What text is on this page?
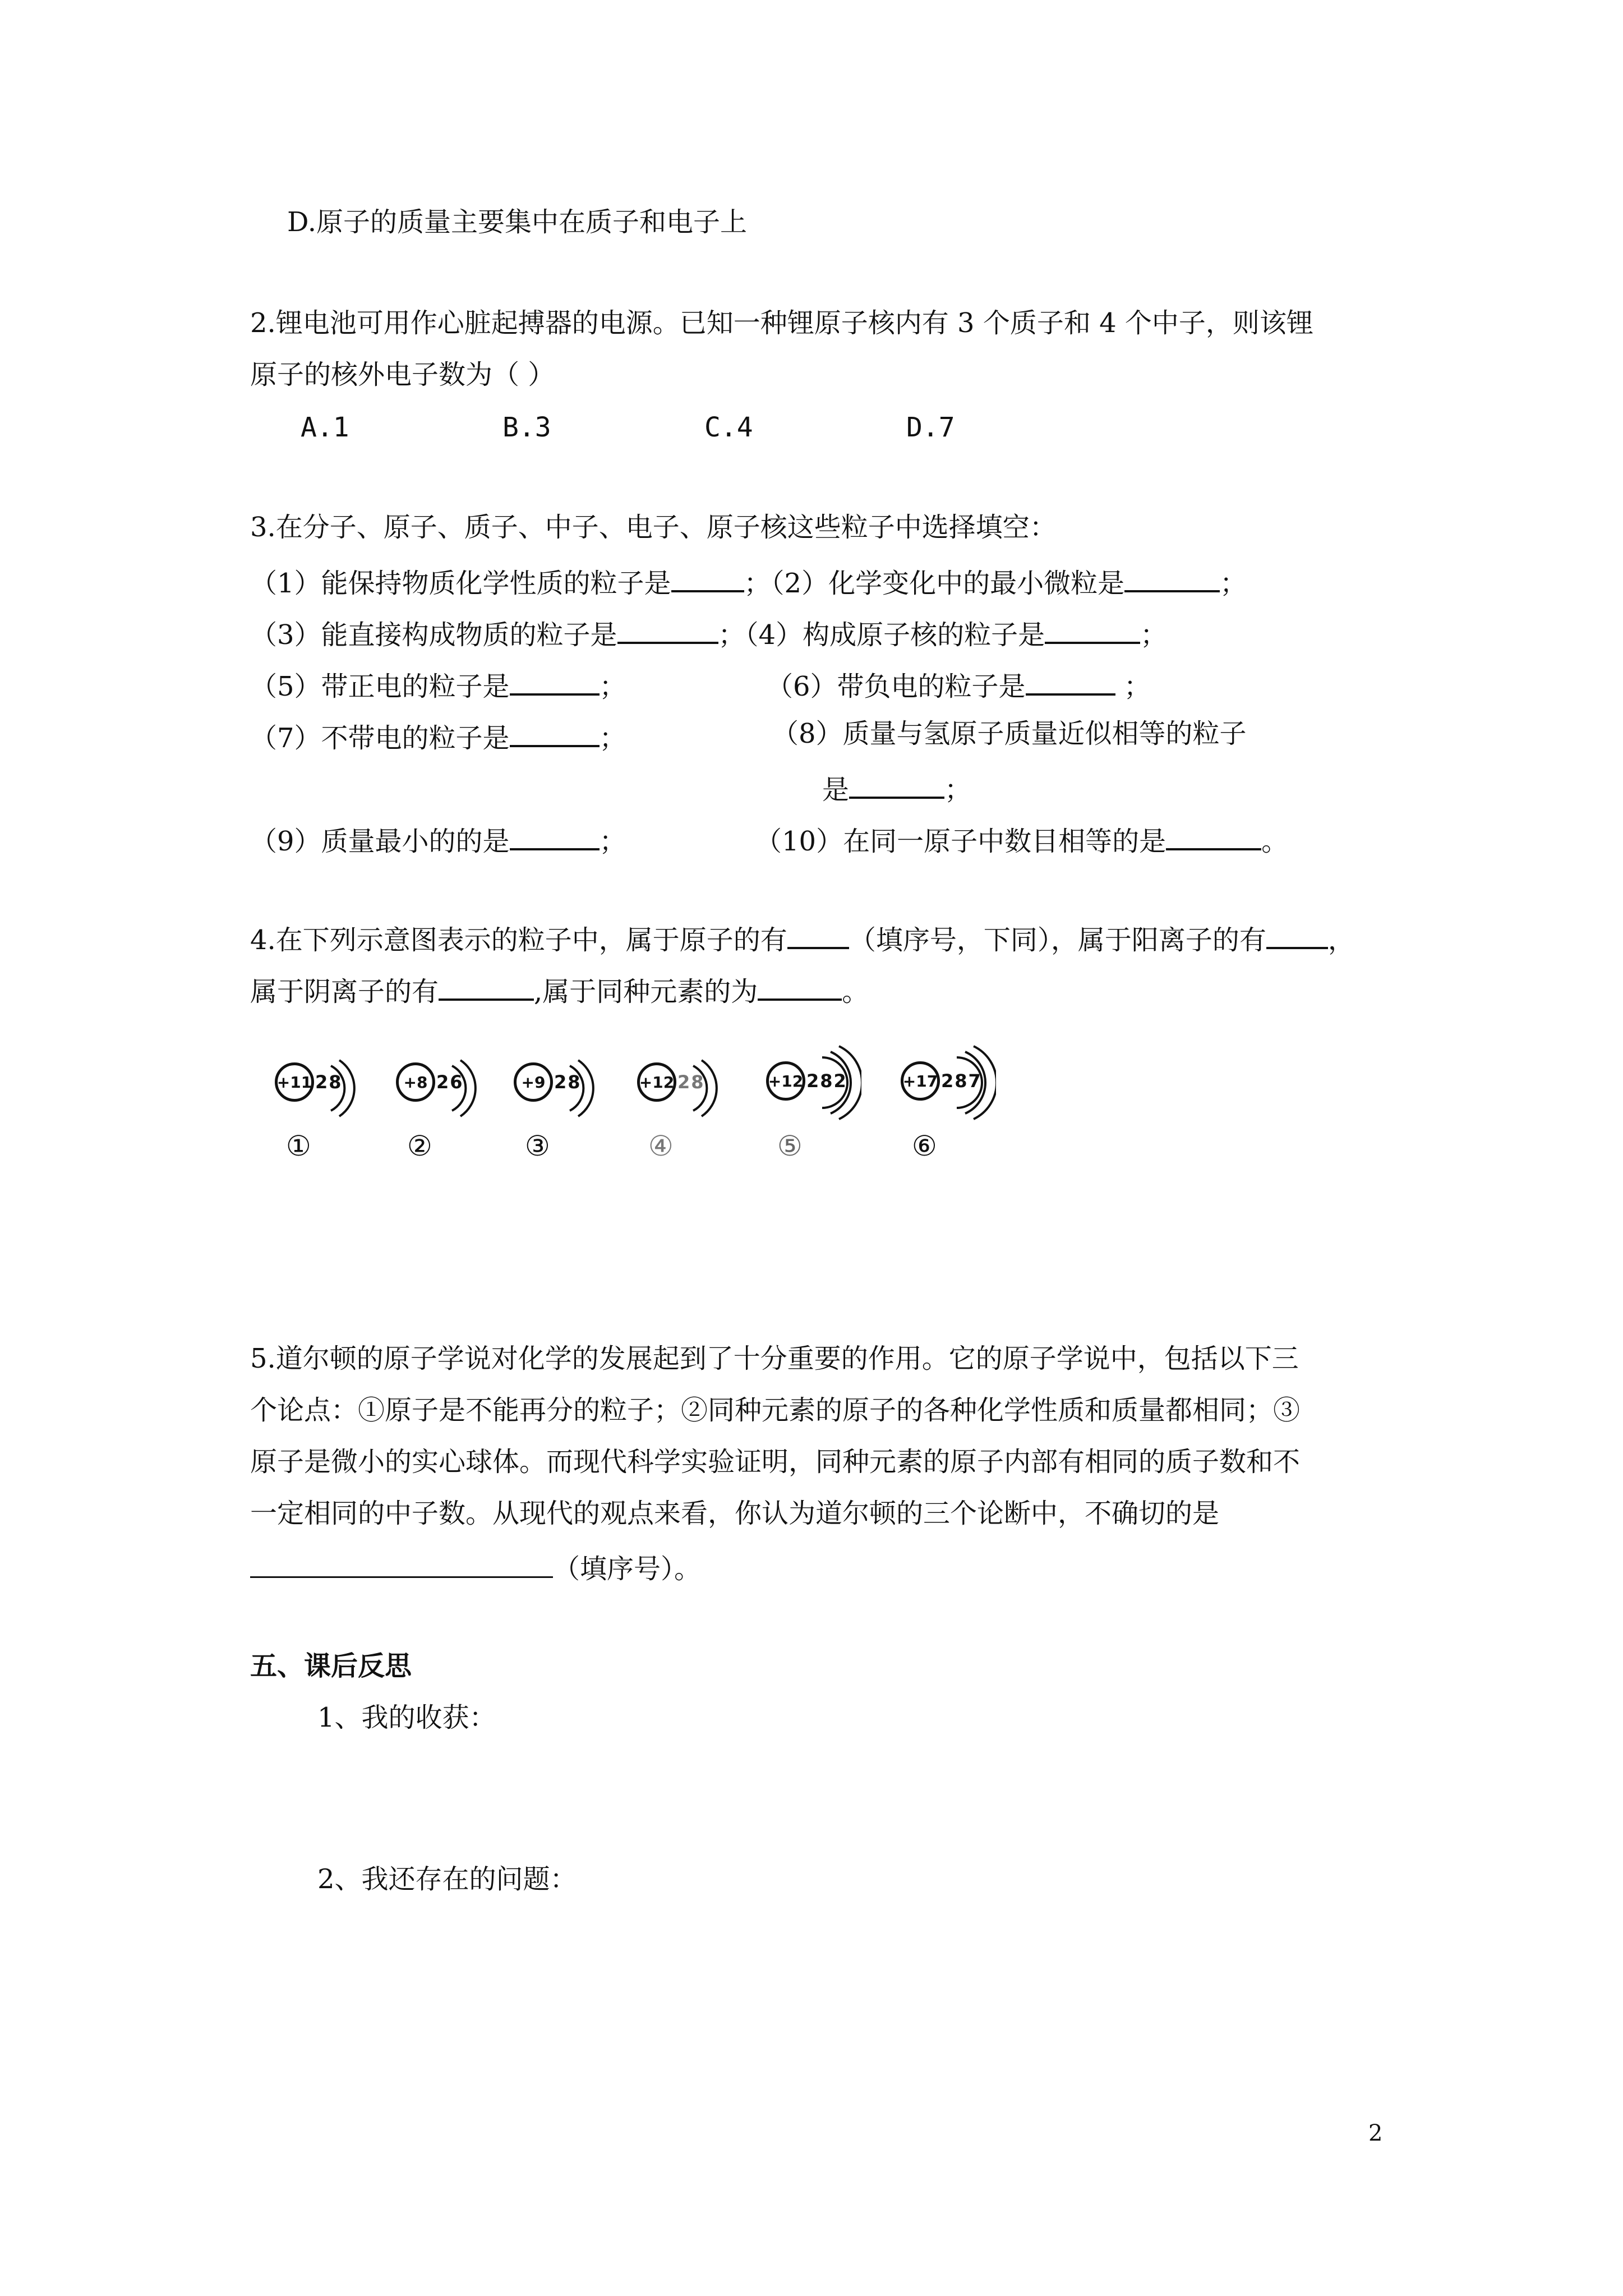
D.原子的质量主要集中在质子和电子上
2.锂电池可用作心脏起搏器的电源。已知一种锂原子核内有 3 个质子和 4 个中子，则该锂
原子的核外电子数为（ ）
A.1	B.3	C.4	D.7
3.在分子、原子、质子、中子、电子、原子核这些粒子中选择填空：
（1）能保持物质化学性质的粒子是	；（2）化学变化中的最小微粒是	；
（3）能直接构成物质的粒子是	；（4）构成原子核的粒子是	；
（5）带正电的粒子是	；	（6）带负电的粒子是	；
（7）不带电的粒子是	；	（8）质量与氢原子质量近似相等的粒子
是	；
（9）质量最小的的是	；	（10）在同一原子中数目相等的是	。
4.在下列示意图表示的粒子中，属于原子的有 （填序号，下同），属于阳离子的有 ，
属于阴离子的有	,属于同种元素的为	。
+11 28
①
+8 26
②
+9 28
③
+12 28
④
+12 282
⑤
+17 287
⑥
5.道尔顿的原子学说对化学的发展起到了十分重要的作用。它的原子学说中，包括以下三
个论点：①原子是不能再分的粒子；②同种元素的原子的各种化学性质和质量都相同；③
原子是微小的实心球体。而现代科学实验证明，同种元素的原子内部有相同的质子数和不
一定相同的中子数。从现代的观点来看，你认为道尔顿的三个论断中，不确切的是
（填序号）。
五、课后反思
1、我的收获：
2、我还存在的问题：
2
